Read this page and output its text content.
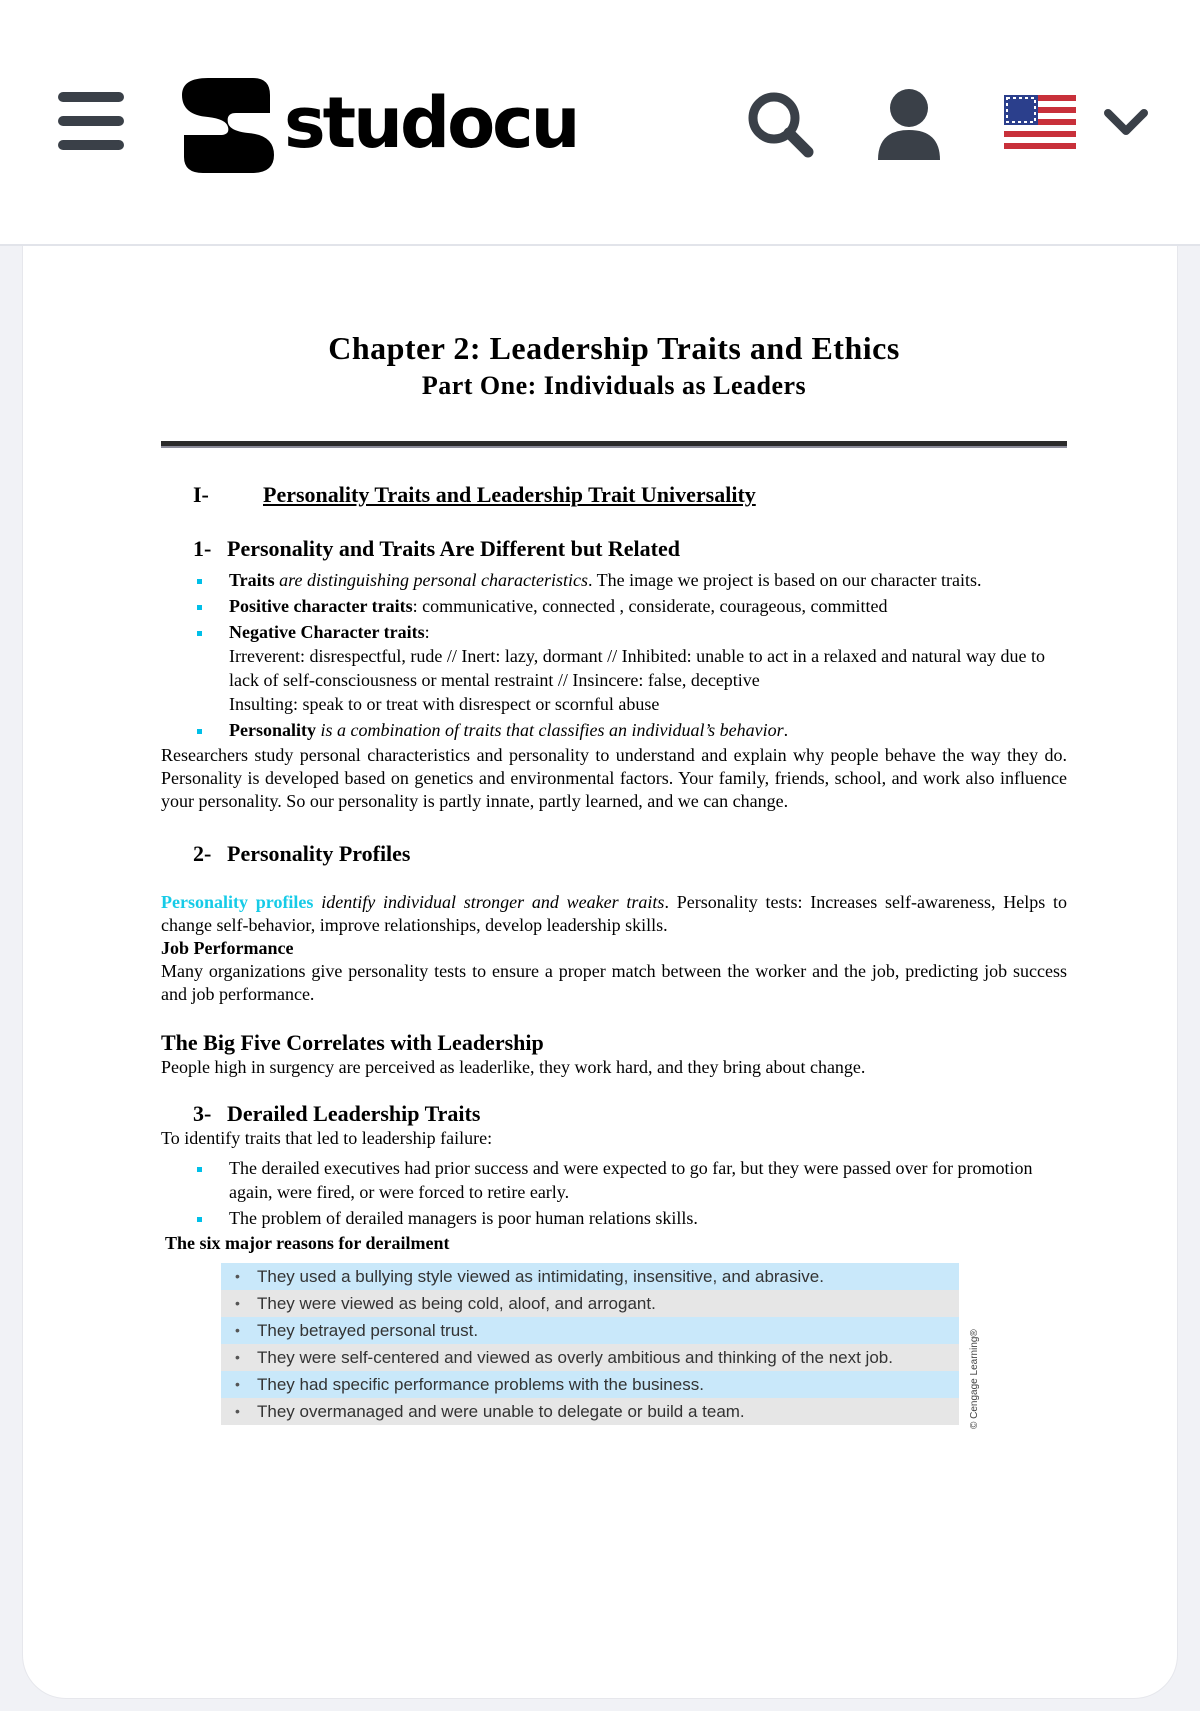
studocu
Chapter 2: Leadership Traits and Ethics
Part One: Individuals as Leaders
I-	Personality Traits and Leadership Trait Universality
1- Personality and Traits Are Different but Related
Traits are distinguishing personal characteristics. The image we project is based on our character traits.
Positive character traits: communicative, connected , considerate, courageous, committed
Negative Character traits:
Irreverent: disrespectful, rude // Inert: lazy, dormant // Inhibited: unable to act in a relaxed and natural way due to lack of self-consciousness or mental restraint // Insincere: false, deceptive
Insulting: speak to or treat with disrespect or scornful abuse
Personality is a combination of traits that classifies an individual’s behavior.

Researchers study personal characteristics and personality to understand and explain why people behave the way they do. Personality is developed based on genetics and environmental factors. Your family, friends, school, and work also influence your personality. So our personality is partly innate, partly learned, and we can change.

2- Personality Profiles

Personality profiles identify individual stronger and weaker traits. Personality tests: Increases self-awareness, Helps to change self-behavior, improve relationships, develop leadership skills.

Job Performance

Many organizations give personality tests to ensure a proper match between the worker and the job, predicting job success and job performance.

The Big Five Correlates with Leadership

People high in surgency are perceived as leaderlike, they work hard, and they bring about change.

3- Derailed Leadership Traits

To identify traits that led to leadership failure:

The derailed executives had prior success and were expected to go far, but they were passed over for promotion again, were fired, or were forced to retire early.
The problem of derailed managers is poor human relations skills.

The six major reasons for derailment

• They used a bullying style viewed as intimidating, insensitive, and abrasive.
• They were viewed as being cold, aloof, and arrogant.
• They betrayed personal trust.
• They were self-centered and viewed as overly ambitious and thinking of the next job.
• They had specific performance problems with the business.
• They overmanaged and were unable to delegate or build a team.	© Cengage Learning®
